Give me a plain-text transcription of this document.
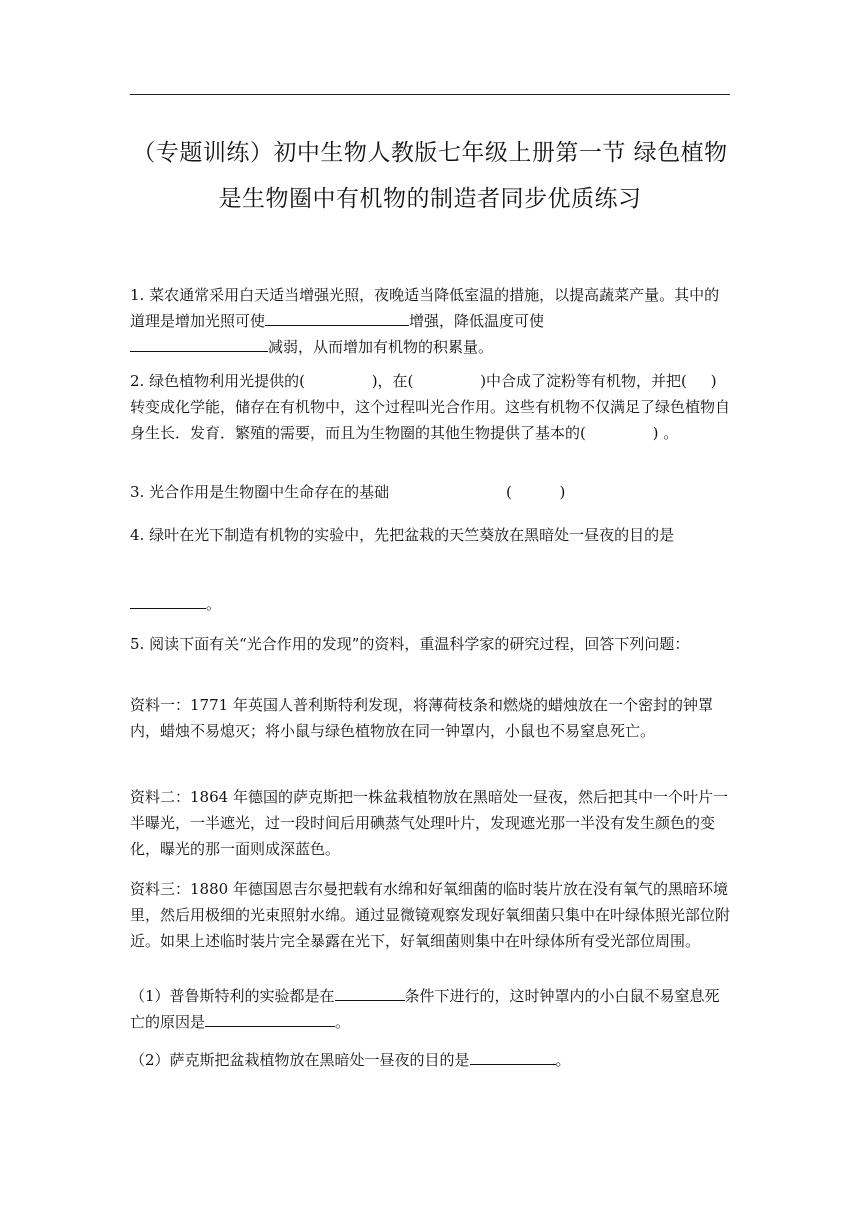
（专题训练）初中生物人教版七年级上册第一节 绿色植物
是生物圈中有机物的制造者同步优质练习
1. 菜农通常采用白天适当增强光照，夜晚适当降低室温的措施，以提高蔬菜产量。其中的道理是增加光照可使	增强，降低温度可使
减弱，从而增加有机物的积累量。
2. 绿色植物利用光提供的(	)，在(	)中合成了淀粉等有机物，并把( )转变成化学能，储存在有机物中，这个过程叫光合作用。这些有机物不仅满足了绿色植物自身生长．发育．繁殖的需要，而且为生物圈的其他生物提供了基本的(	) 。
3. 光合作用是生物圈中生命存在的基础	(          )
4. 绿叶在光下制造有机物的实验中，先把盆栽的天竺葵放在黑暗处一昼夜的目的是
。
5. 阅读下面有关“光合作用的发现”的资料，重温科学家的研究过程，回答下列问题：
资料一：1771 年英国人普利斯特利发现，将薄荷枝条和燃烧的蜡烛放在一个密封的钟罩内，蜡烛不易熄灭；将小鼠与绿色植物放在同一钟罩内，小鼠也不易窒息死亡。
资料二：1864 年德国的萨克斯把一株盆栽植物放在黑暗处一昼夜，然后把其中一个叶片一半曝光，一半遮光，过一段时间后用碘蒸气处理叶片，发现遮光那一半没有发生颜色的变化，曝光的那一面则成深蓝色。
资料三：1880 年德国恩吉尔曼把载有水绵和好氧细菌的临时装片放在没有氧气的黑暗环境里，然后用极细的光束照射水绵。通过显微镜观察发现好氧细菌只集中在叶绿体照光部位附近。如果上述临时装片完全暴露在光下，好氧细菌则集中在叶绿体所有受光部位周围。
（1）普鲁斯特利的实验都是在	条件下进行的，这时钟罩内的小白鼠不易窒息死亡的原因是	。
（2）萨克斯把盆栽植物放在黑暗处一昼夜的目的是	。
